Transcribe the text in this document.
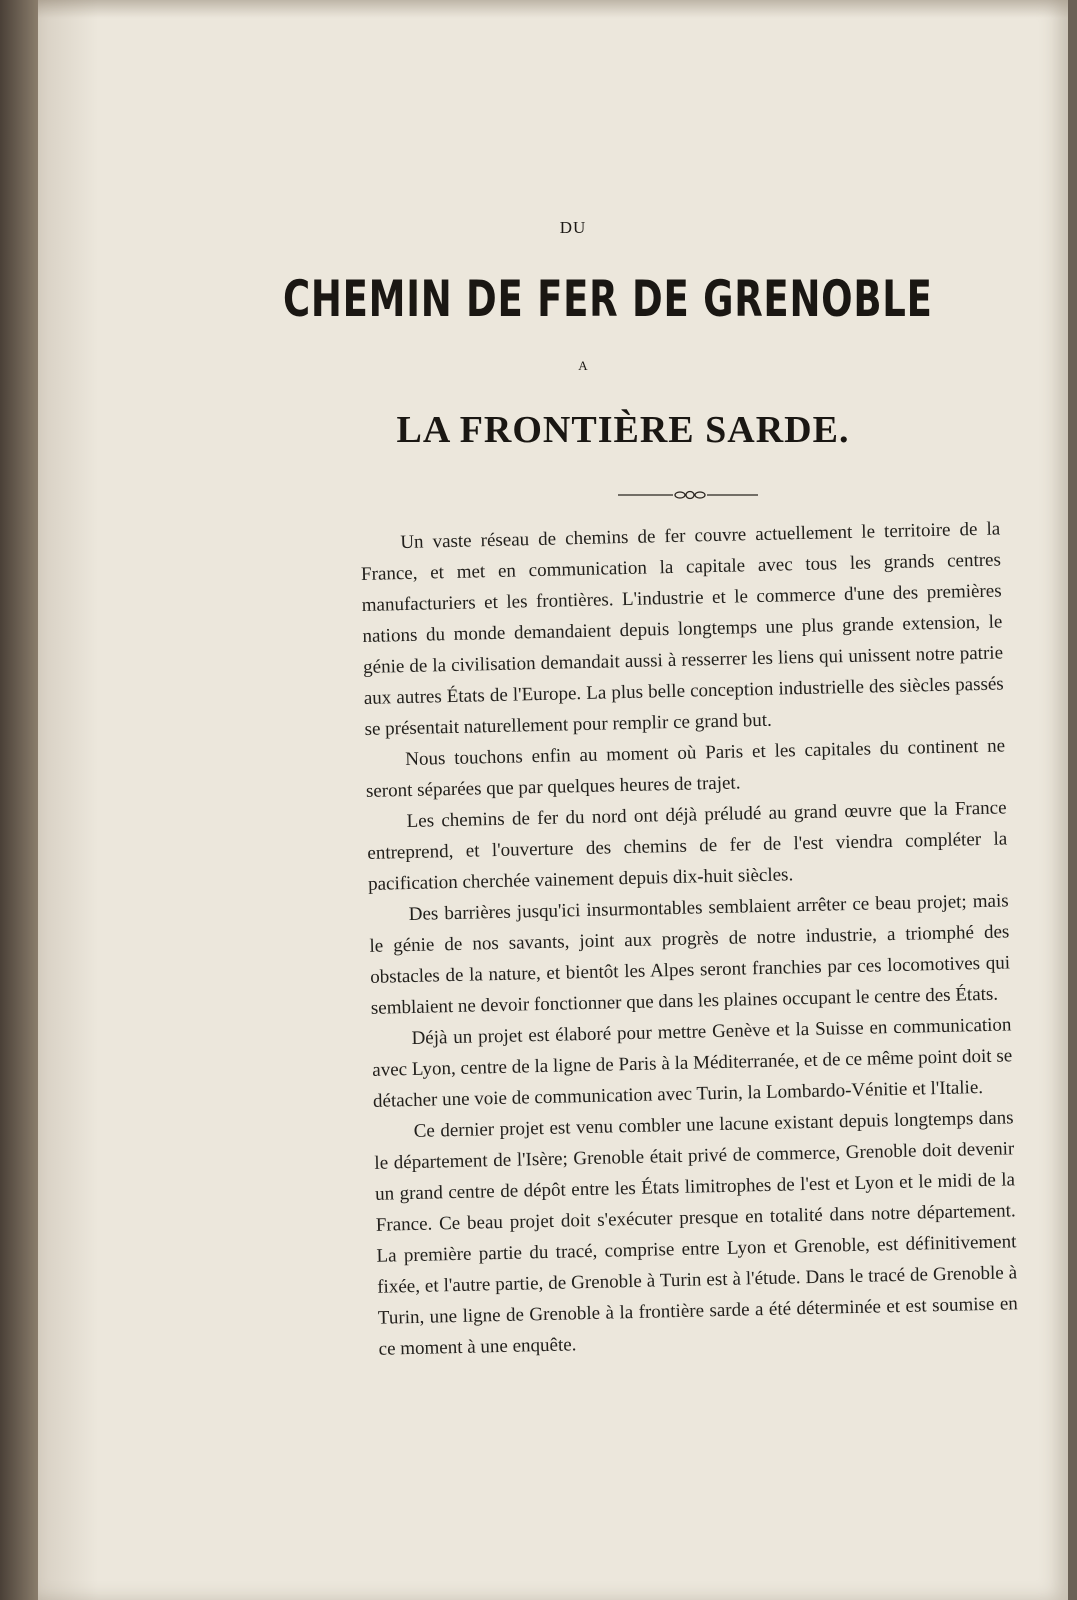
DU
CHEMIN DE FER DE GRENOBLE
A
LA FRONTIÈRE SARDE.

Un vaste réseau de chemins de fer couvre actuellement le territoire de la France, et met en communication la capitale avec tous les grands centres manufacturiers et les frontières. L'industrie et le commerce d'une des premières nations du monde demandaient depuis longtemps une plus grande extension, le génie de la civilisation demandait aussi à resserrer les liens qui unissent notre patrie aux autres États de l'Europe. La plus belle conception industrielle des siècles passés se présentait naturellement pour remplir ce grand but.

Nous touchons enfin au moment où Paris et les capitales du continent ne seront séparées que par quelques heures de trajet.

Les chemins de fer du nord ont déjà préludé au grand œuvre que la France entreprend, et l'ouverture des chemins de fer de l'est viendra compléter la pacification cherchée vainement depuis dix-huit siècles.

Des barrières jusqu'ici insurmontables semblaient arrêter ce beau projet; mais le génie de nos savants, joint aux progrès de notre industrie, a triomphé des obstacles de la nature, et bientôt les Alpes seront franchies par ces locomotives qui semblaient ne devoir fonctionner que dans les plaines occupant le centre des États.

Déjà un projet est élaboré pour mettre Genève et la Suisse en communication avec Lyon, centre de la ligne de Paris à la Méditerranée, et de ce même point doit se détacher une voie de communication avec Turin, la Lombardo-Vénitie et l'Italie.

Ce dernier projet est venu combler une lacune existant depuis longtemps dans le département de l'Isère; Grenoble était privé de commerce, Grenoble doit devenir un grand centre de dépôt entre les États limitrophes de l'est et Lyon et le midi de la France. Ce beau projet doit s'exécuter presque en totalité dans notre département. La première partie du tracé, comprise entre Lyon et Grenoble, est définitivement fixée, et l'autre partie, de Grenoble à Turin est à l'étude. Dans le tracé de Grenoble à Turin, une ligne de Grenoble à la frontière sarde a été déterminée et est soumise en ce moment à une enquête.
